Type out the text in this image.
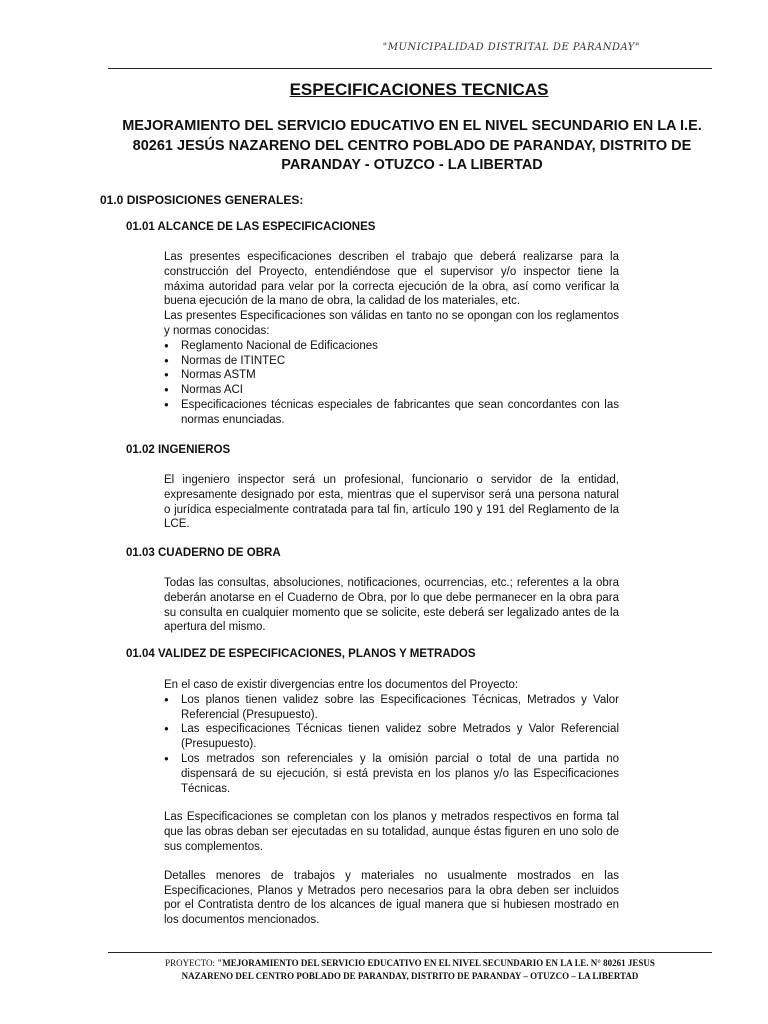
"MUNICIPALIDAD DISTRITAL DE PARANDAY"
ESPECIFICACIONES TECNICAS
MEJORAMIENTO DEL SERVICIO EDUCATIVO EN EL NIVEL SECUNDARIO EN LA I.E. 80261 JESÚS NAZARENO DEL CENTRO POBLADO DE PARANDAY, DISTRITO DE PARANDAY - OTUZCO - LA LIBERTAD
01.0 DISPOSICIONES GENERALES:
01.01 ALCANCE DE LAS ESPECIFICACIONES

Las presentes especificaciones describen el trabajo que deberá realizarse para la construcción del Proyecto, entendiéndose que el supervisor y/o inspector tiene la máxima autoridad para velar por la correcta ejecución de la obra, así como verificar la buena ejecución de la mano de obra, la calidad de los materiales, etc.

Las presentes Especificaciones son válidas en tanto no se opongan con los reglamentos y normas conocidas:

● Reglamento Nacional de Edificaciones
● Normas de ITINTEC
● Normas ASTM
● Normas ACI
● Especificaciones técnicas especiales de fabricantes que sean concordantes con las normas enunciadas.
01.02 INGENIEROS

El ingeniero inspector será un profesional, funcionario o servidor de la entidad, expresamente designado por esta, mientras que el supervisor será una persona natural o jurídica especialmente contratada para tal fin, artículo 190 y 191 del Reglamento de la LCE.

01.03 CUADERNO DE OBRA

Todas las consultas, absoluciones, notificaciones, ocurrencias, etc.; referentes a la obra deberán anotarse en el Cuaderno de Obra, por lo que debe permanecer en la obra para su consulta en cualquier momento que se solicite, este deberá ser legalizado antes de la apertura del mismo.

01.04 VALIDEZ DE ESPECIFICACIONES, PLANOS Y METRADOS

En el caso de existir divergencias entre los documentos del Proyecto:

● Los planos tienen validez sobre las Especificaciones Técnicas, Metrados y Valor Referencial (Presupuesto).
● Las especificaciones Técnicas tienen validez sobre Metrados y Valor Referencial (Presupuesto).
● Los metrados son referenciales y la omisión parcial o total de una partida no dispensará de su ejecución, si está prevista en los planos y/o las Especificaciones Técnicas.

Las Especificaciones se completan con los planos y metrados respectivos en forma tal que las obras deban ser ejecutadas en su totalidad, aunque éstas figuren en uno solo de sus complementos.

Detalles menores de trabajos y materiales no usualmente mostrados en las Especificaciones, Planos y Metrados pero necesarios para la obra deben ser incluidos por el Contratista dentro de los alcances de igual manera que si hubiesen mostrado en los documentos mencionados.

PROYECTO: "MEJORAMIENTO DEL SERVICIO EDUCATIVO EN EL NIVEL SECUNDARIO EN LA I.E. N° 80261 JESUS
NAZARENO DEL CENTRO POBLADO DE PARANDAY, DISTRITO DE PARANDAY – OTUZCO – LA LIBERTAD
